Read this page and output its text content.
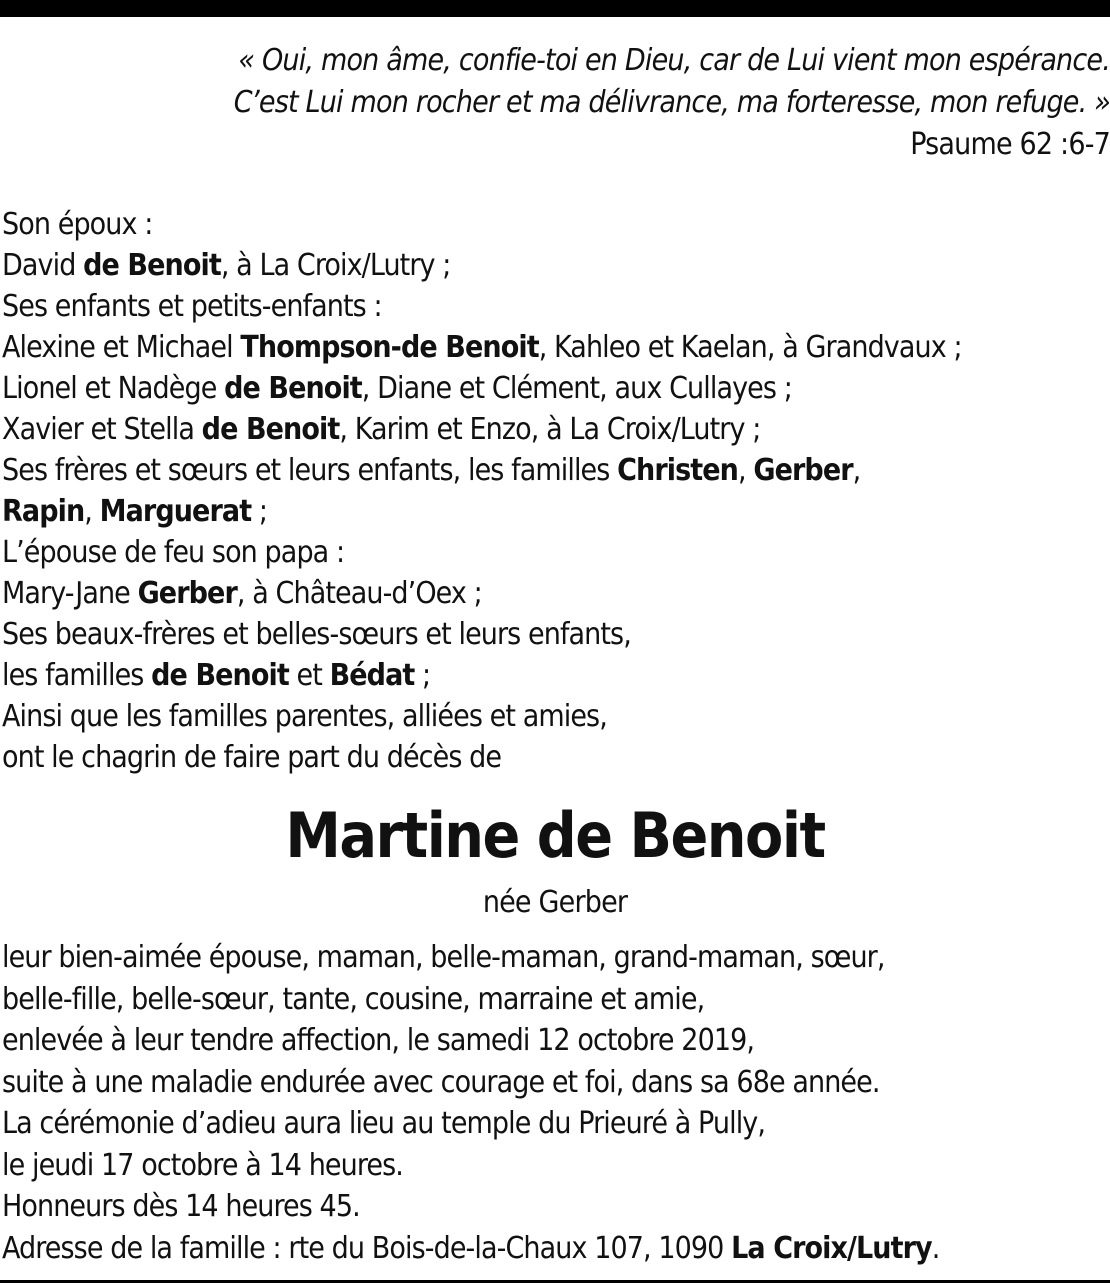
« Oui, mon âme, confie-toi en Dieu, car de Lui vient mon espérance.
C’est Lui mon rocher et ma délivrance, ma forteresse, mon refuge. »
Psaume 62 :6-7
Son époux :
David de Benoit, à La Croix/Lutry ;
Ses enfants et petits-enfants :
Alexine et Michael Thompson-de Benoit, Kahleo et Kaelan, à Grandvaux ;
Lionel et Nadège de Benoit, Diane et Clément, aux Cullayes ;
Xavier et Stella de Benoit, Karim et Enzo, à La Croix/Lutry ;
Ses frères et sœurs et leurs enfants, les familles Christen, Gerber,
Rapin, Marguerat ;
L’épouse de feu son papa :
Mary-Jane Gerber, à Château-d’Oex ;
Ses beaux-frères et belles-sœurs et leurs enfants,
les familles de Benoit et Bédat ;
Ainsi que les familles parentes, alliées et amies,
ont le chagrin de faire part du décès de
Martine de Benoit
née Gerber
leur bien-aimée épouse, maman, belle-maman, grand-maman, sœur,
belle-fille, belle-sœur, tante, cousine, marraine et amie,
enlevée à leur tendre affection, le samedi 12 octobre 2019,
suite à une maladie endurée avec courage et foi, dans sa 68e année.
La cérémonie d’adieu aura lieu au temple du Prieuré à Pully,
le jeudi 17 octobre à 14 heures.
Honneurs dès 14 heures 45.
Adresse de la famille : rte du Bois-de-la-Chaux 107, 1090 La Croix/Lutry.
